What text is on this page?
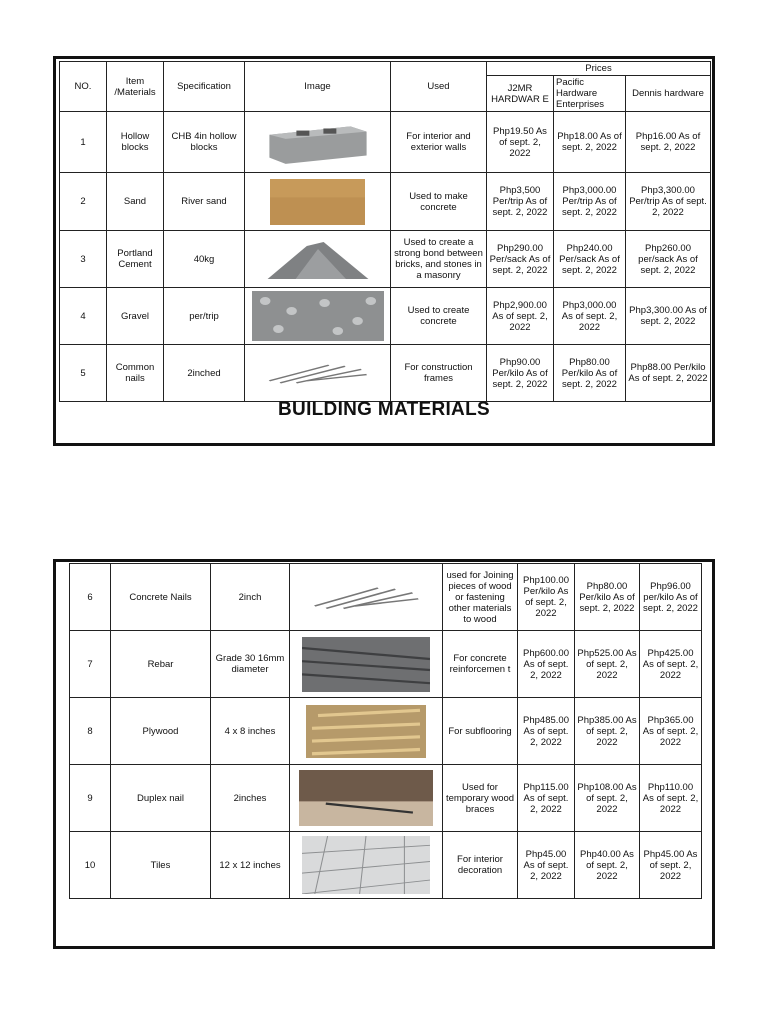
NO.	Item /Materials	Specification	Image	Used	Prices		
					J2MR HARDWAR E	Pacific Hardware Enterprises	Dennis hardware
1	Hollow blocks	CHB 4in hollow blocks		For interior and exterior walls	Php19.50 As of sept. 2, 2022	Php18.00 As of sept. 2, 2022	Php16.00 As of sept. 2, 2022
2	Sand	River sand		Used to make concrete	Php3,500 Per/trip As of sept. 2, 2022	Php3,000.00 Per/trip As of sept. 2, 2022	Php3,300.00 Per/trip As of sept. 2, 2022
3	Portland Cement	40kg		Used to create a strong bond between bricks, and stones in a masonry	Php290.00 Per/sack As of sept. 2, 2022	Php240.00 Per/sack As of sept. 2, 2022	Php260.00 per/sack As of sept. 2, 2022
4	Gravel	per/trip		Used to create concrete	Php2,900.00 As of sept. 2, 2022	Php3,000.00 As of sept. 2, 2022	Php3,300.00 As of sept. 2, 2022
5	Common nails	2inched		For construction frames	Php90.00 Per/kilo As of sept. 2, 2022	Php80.00 Per/kilo As of sept. 2, 2022	Php88.00 Per/kilo As of sept. 2, 2022
BUILDING MATERIALS
6	Concrete Nails	2inch		used for Joining pieces of wood or fastening other materials to wood	Php100.00 Per/kilo As of sept. 2, 2022	Php80.00 Per/kilo As of sept. 2, 2022	Php96.00 per/kilo As of sept. 2, 2022
7	Rebar	Grade 30 16mm diameter		For concrete reinforcemen t	Php600.00 As of sept. 2, 2022	Php525.00 As of sept. 2, 2022	Php425.00 As of sept. 2, 2022
8	Plywood	4 x 8 inches		For subflooring	Php485.00 As of sept. 2, 2022	Php385.00 As of sept. 2, 2022	Php365.00 As of sept. 2, 2022
9	Duplex nail	2inches		Used for temporary wood braces	Php115.00 As of sept. 2, 2022	Php108.00 As of sept. 2, 2022	Php110.00 As of sept. 2, 2022
10	Tiles	12 x 12 inches		For interior decoration	Php45.00 As of sept. 2, 2022	Php40.00 As of sept. 2, 2022	Php45.00 As of sept. 2, 2022
